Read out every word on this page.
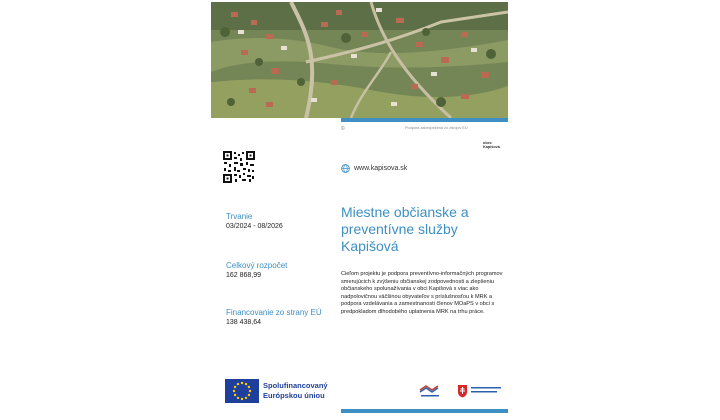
Trvanie
03/2024 - 08/2026
Celkový rozpočet
162 868,99
Financovanie zo strany EÚ
138 438,64
Spolufinancovaný Európskou úniou
©	Podpora zabezpečená zo zdrojov EÚ
obec Kapišová
www.kapisova.sk
Miestne občianske a preventívne služby Kapišová
Cieľom projektu je podpora preventívno-informačných programov smerujúcich k zvýšeniu občianskej zodpovednosti a zlepšeniu občianskeho spolunažívania v obci Kapišová s viac ako nadpolovičnou väčšinou obyvateľov s príslušnosťou k MRK a podpora vzdelávania a zamestnanosti členov MOaPS v obci s predpokladom dlhodobého uplatnenia MRK na trhu práce.
